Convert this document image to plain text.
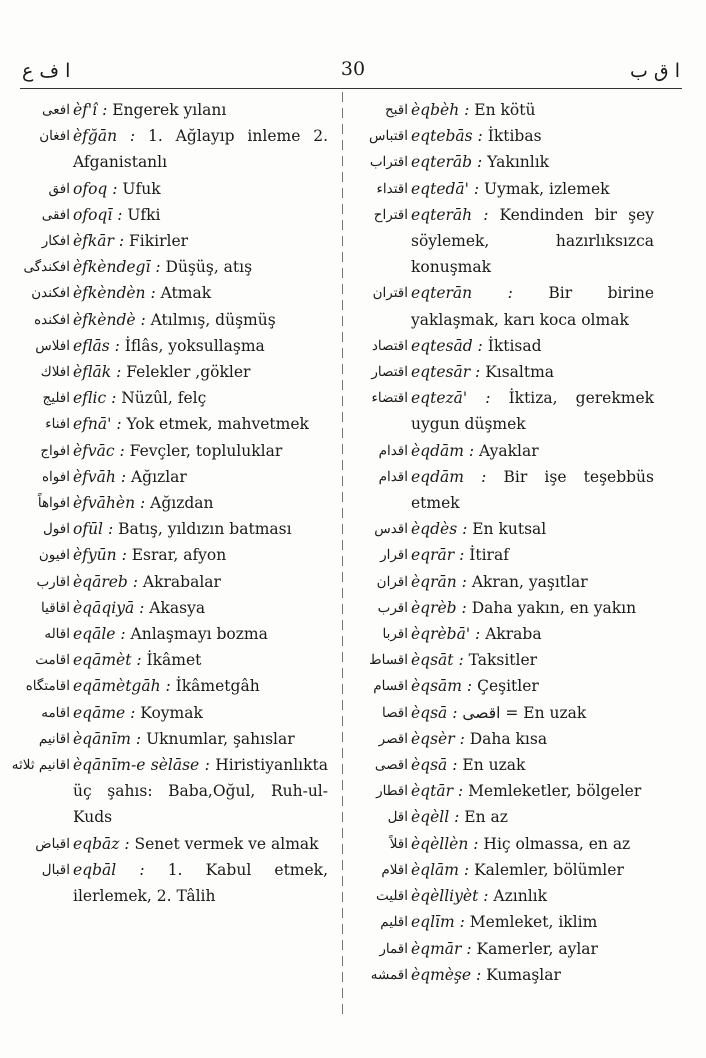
ا ف ع	30	ا ق ب
افعی èf'î : Engerek yılanı
افغان èfğān : 1. Ağlayıp inleme 2. Afganistanlı
افق ofoq : Ufuk
افقی ofoqī : Ufki
افكار èfkār : Fikirler
افكندگی èfkèndegī : Düşüş, atış
افكندن èfkèndèn : Atmak
افكنده èfkèndè : Atılmış, düşmüş
افلاس eflās : İflâs, yoksullaşma
افلاك èflāk : Felekler ,gökler
افليج eflic : Nüzûl, felç
افناء efnā' : Yok etmek, mahvetmek
افواج èfvāc : Fevçler, topluluklar
افواه èfvāh : Ağızlar
افواهاً èfvāhèn : Ağızdan
افول ofūl : Batış, yıldızın batması
افيون èfyūn : Esrar, afyon
اقارب èqāreb : Akrabalar
اقاقیا èqāqiyā : Akasya
اقاله eqāle : Anlaşmayı bozma
اقامت eqāmèt : İkâmet
اقامتگاه eqāmètgāh : İkâmetgâh
اقامه eqāme : Koymak
اقانيم èqānīm : Uknumlar, şahıslar
اقانيم ثلاثه èqānīm-e sèlāse : Hiristiyanlıkta üç şahıs: Baba,Oğul, Ruh-ul-Kuds
اقباض eqbāz : Senet vermek ve almak
اقبال eqbāl : 1. Kabul etmek, ilerlemek, 2. Tâlih
اقبح èqbèh : En kötü
اقتباس eqtebās : İktibas
اقتراب eqterāb : Yakınlık
اقتداء eqtedā' : Uymak, izlemek
اقتراح eqterāh : Kendinden bir şey söylemek, hazırlıksızca konuşmak
اقتران eqterān : Bir birine yaklaşmak, karı koca olmak
اقتصاد eqtesād : İktisad
اقتصار eqtesār : Kısaltma
اقتضاء eqtezā' : İktiza, gerekmek uygun düşmek
اقدام èqdām : Ayaklar
اقدام eqdām : Bir işe teşebbüs etmek
اقدس èqdès : En kutsal
اقرار eqrār : İtiraf
اقران èqrān : Akran, yaşıtlar
اقرب èqrèb : Daha yakın, en yakın
اقربا èqrèbā' : Akraba
اقساط èqsāt : Taksitler
اقسام èqsām : Çeşitler
اقصا èqsā : اقصی = En uzak
اقصر èqsèr : Daha kısa
اقصی èqsā : En uzak
اقطار èqtār : Memleketler, bölgeler
اقل èqèll : En az
اقلاً èqèllèn : Hiç olmassa, en az
اقلام èqlām : Kalemler, bölümler
اقليت èqèlliyèt : Azınlık
اقليم eqlīm : Memleket, iklim
اقمار èqmār : Kamerler, aylar
اقمشه èqmèşe : Kumaşlar
